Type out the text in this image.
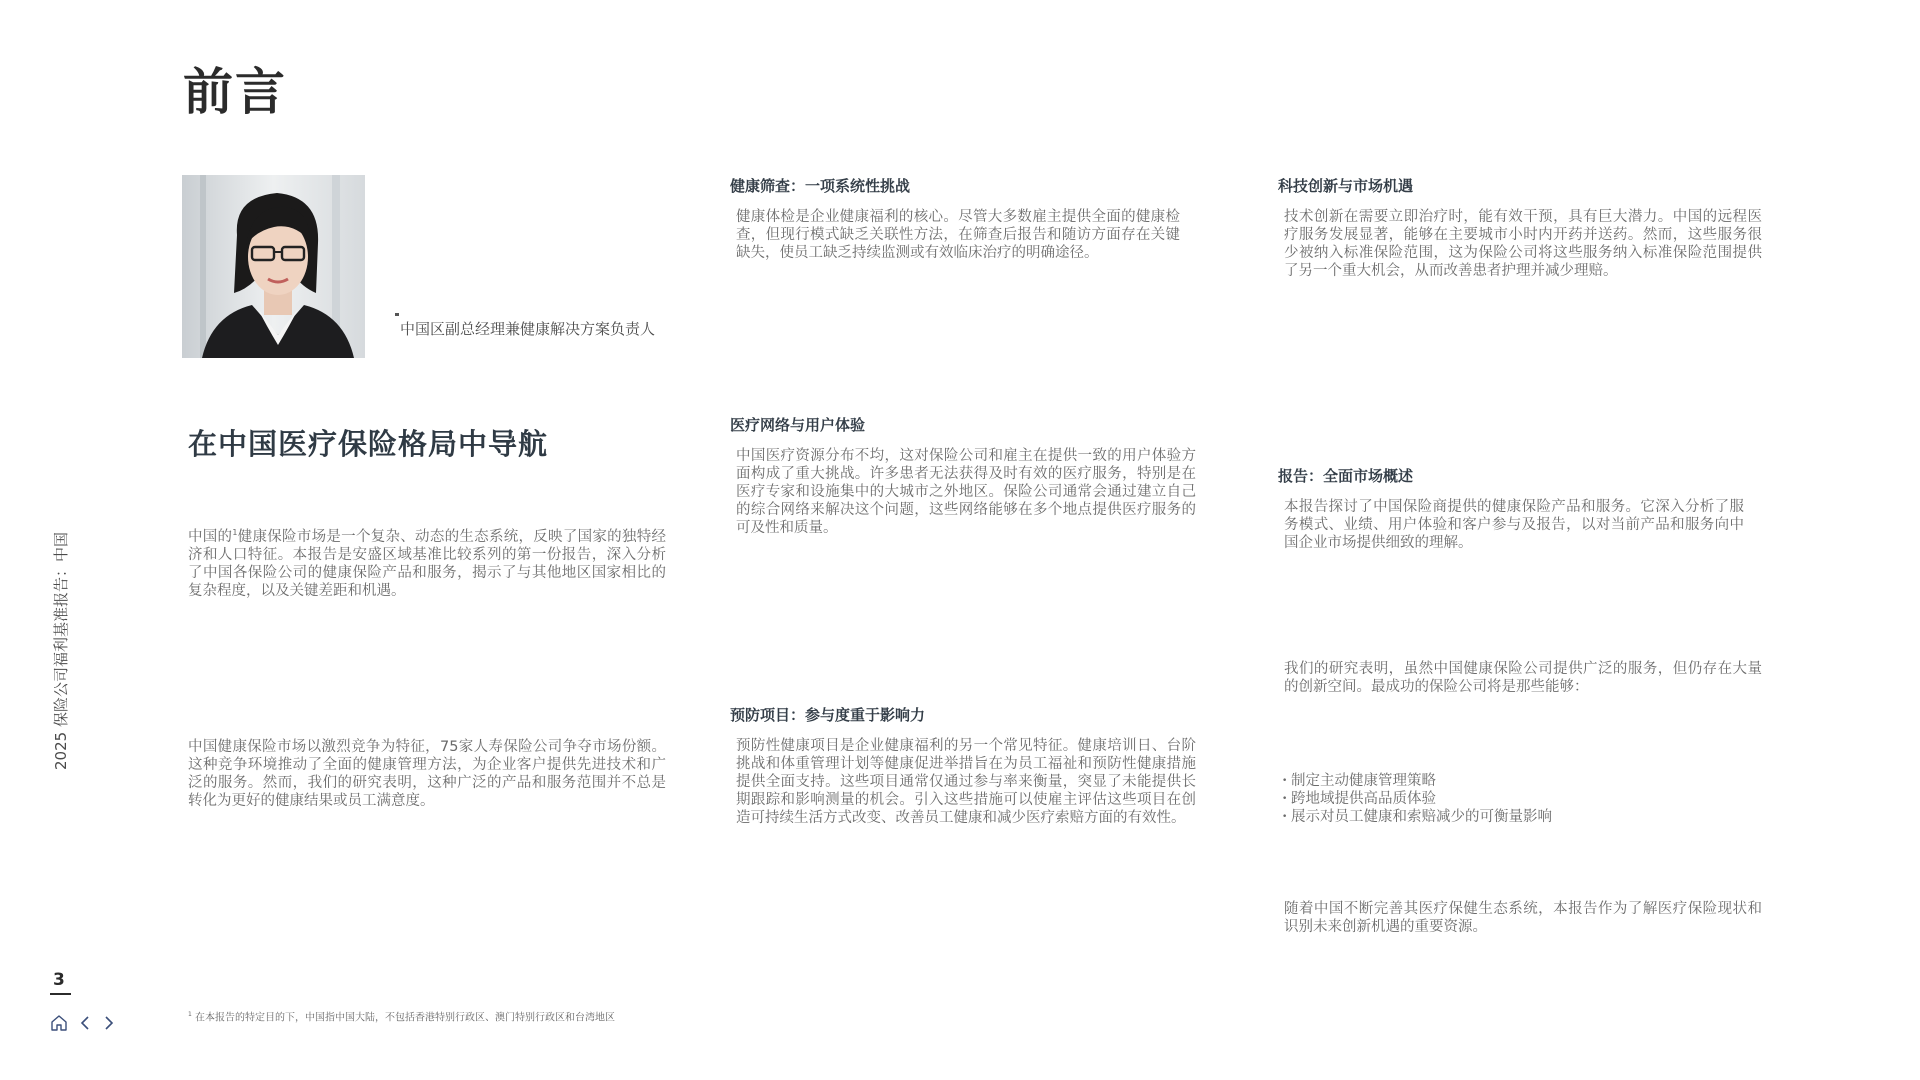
前言
2025 保险公司福利基准报告：中国
中国区副总经理兼健康解决方案负责人
在中国医疗保险格局中导航

中国的$^1$健康保险市场是一个复杂、动态的生态系统，反映了国家的独特经济和人口特征。本报告是安盛区域基准比较系列的第一份报告，深入分析了中国各保险公司的健康保险产品和服务，揭示了与其他地区国家相比的复杂程度，以及关键差距和机遇。

中国健康保险市场以激烈竞争为特征，75家人寿保险公司争夺市场份额。这种竞争环境推动了全面的健康管理方法，为企业客户提供先进技术和广泛的服务。然而，我们的研究表明，这种广泛的产品和服务范围并不总是转化为更好的健康结果或员工满意度。

健康筛查：一项系统性挑战

健康体检是企业健康福利的核心。尽管大多数雇主提供全面的健康检查，但现行模式缺乏关联性方法，在筛查后报告和随访方面存在关键缺失，使员工缺乏持续监测或有效临床治疗的明确途径。

医疗网络与用户体验

中国医疗资源分布不均，这对保险公司和雇主在提供一致的用户体验方面构成了重大挑战。许多患者无法获得及时有效的医疗服务，特别是在医疗专家和设施集中的大城市之外地区。保险公司通常会通过建立自己的综合网络来解决这个问题，这些网络能够在多个地点提供医疗服务的可及性和质量。

预防项目：参与度重于影响力

预防性健康项目是企业健康福利的另一个常见特征。健康培训日、台阶挑战和体重管理计划等健康促进举措旨在为员工福祉和预防性健康措施提供全面支持。这些项目通常仅通过参与率来衡量，突显了未能提供长期跟踪和影响测量的机会。引入这些措施可以使雇主评估这些项目在创造可持续生活方式改变、改善员工健康和减少医疗索赔方面的有效性。

科技创新与市场机遇

技术创新在需要立即治疗时，能有效干预，具有巨大潜力。中国的远程医疗服务发展显著，能够在主要城市小时内开药并送药。然而，这些服务很少被纳入标准保险范围，这为保险公司将这些服务纳入标准保险范围提供了另一个重大机会，从而改善患者护理并减少理赔。

报告：全面市场概述

本报告探讨了中国保险商提供的健康保险产品和服务。它深入分析了服务模式、业绩、用户体验和客户参与及报告，以对当前产品和服务向中国企业市场提供细致的理解。

我们的研究表明，虽然中国健康保险公司提供广泛的服务，但仍存在大量的创新空间。最成功的保险公司将是那些能够：

• 制定主动健康管理策略
• 跨地域提供高品质体验
• 展示对员工健康和索赔减少的可衡量影响

随着中国不断完善其医疗保健生态系统，本报告作为了解医疗保险现状和识别未来创新机遇的重要资源。

3
$^1$ 在本报告的特定目的下，中国指中国大陆，不包括香港特别行政区、澳门特别行政区和台湾地区
